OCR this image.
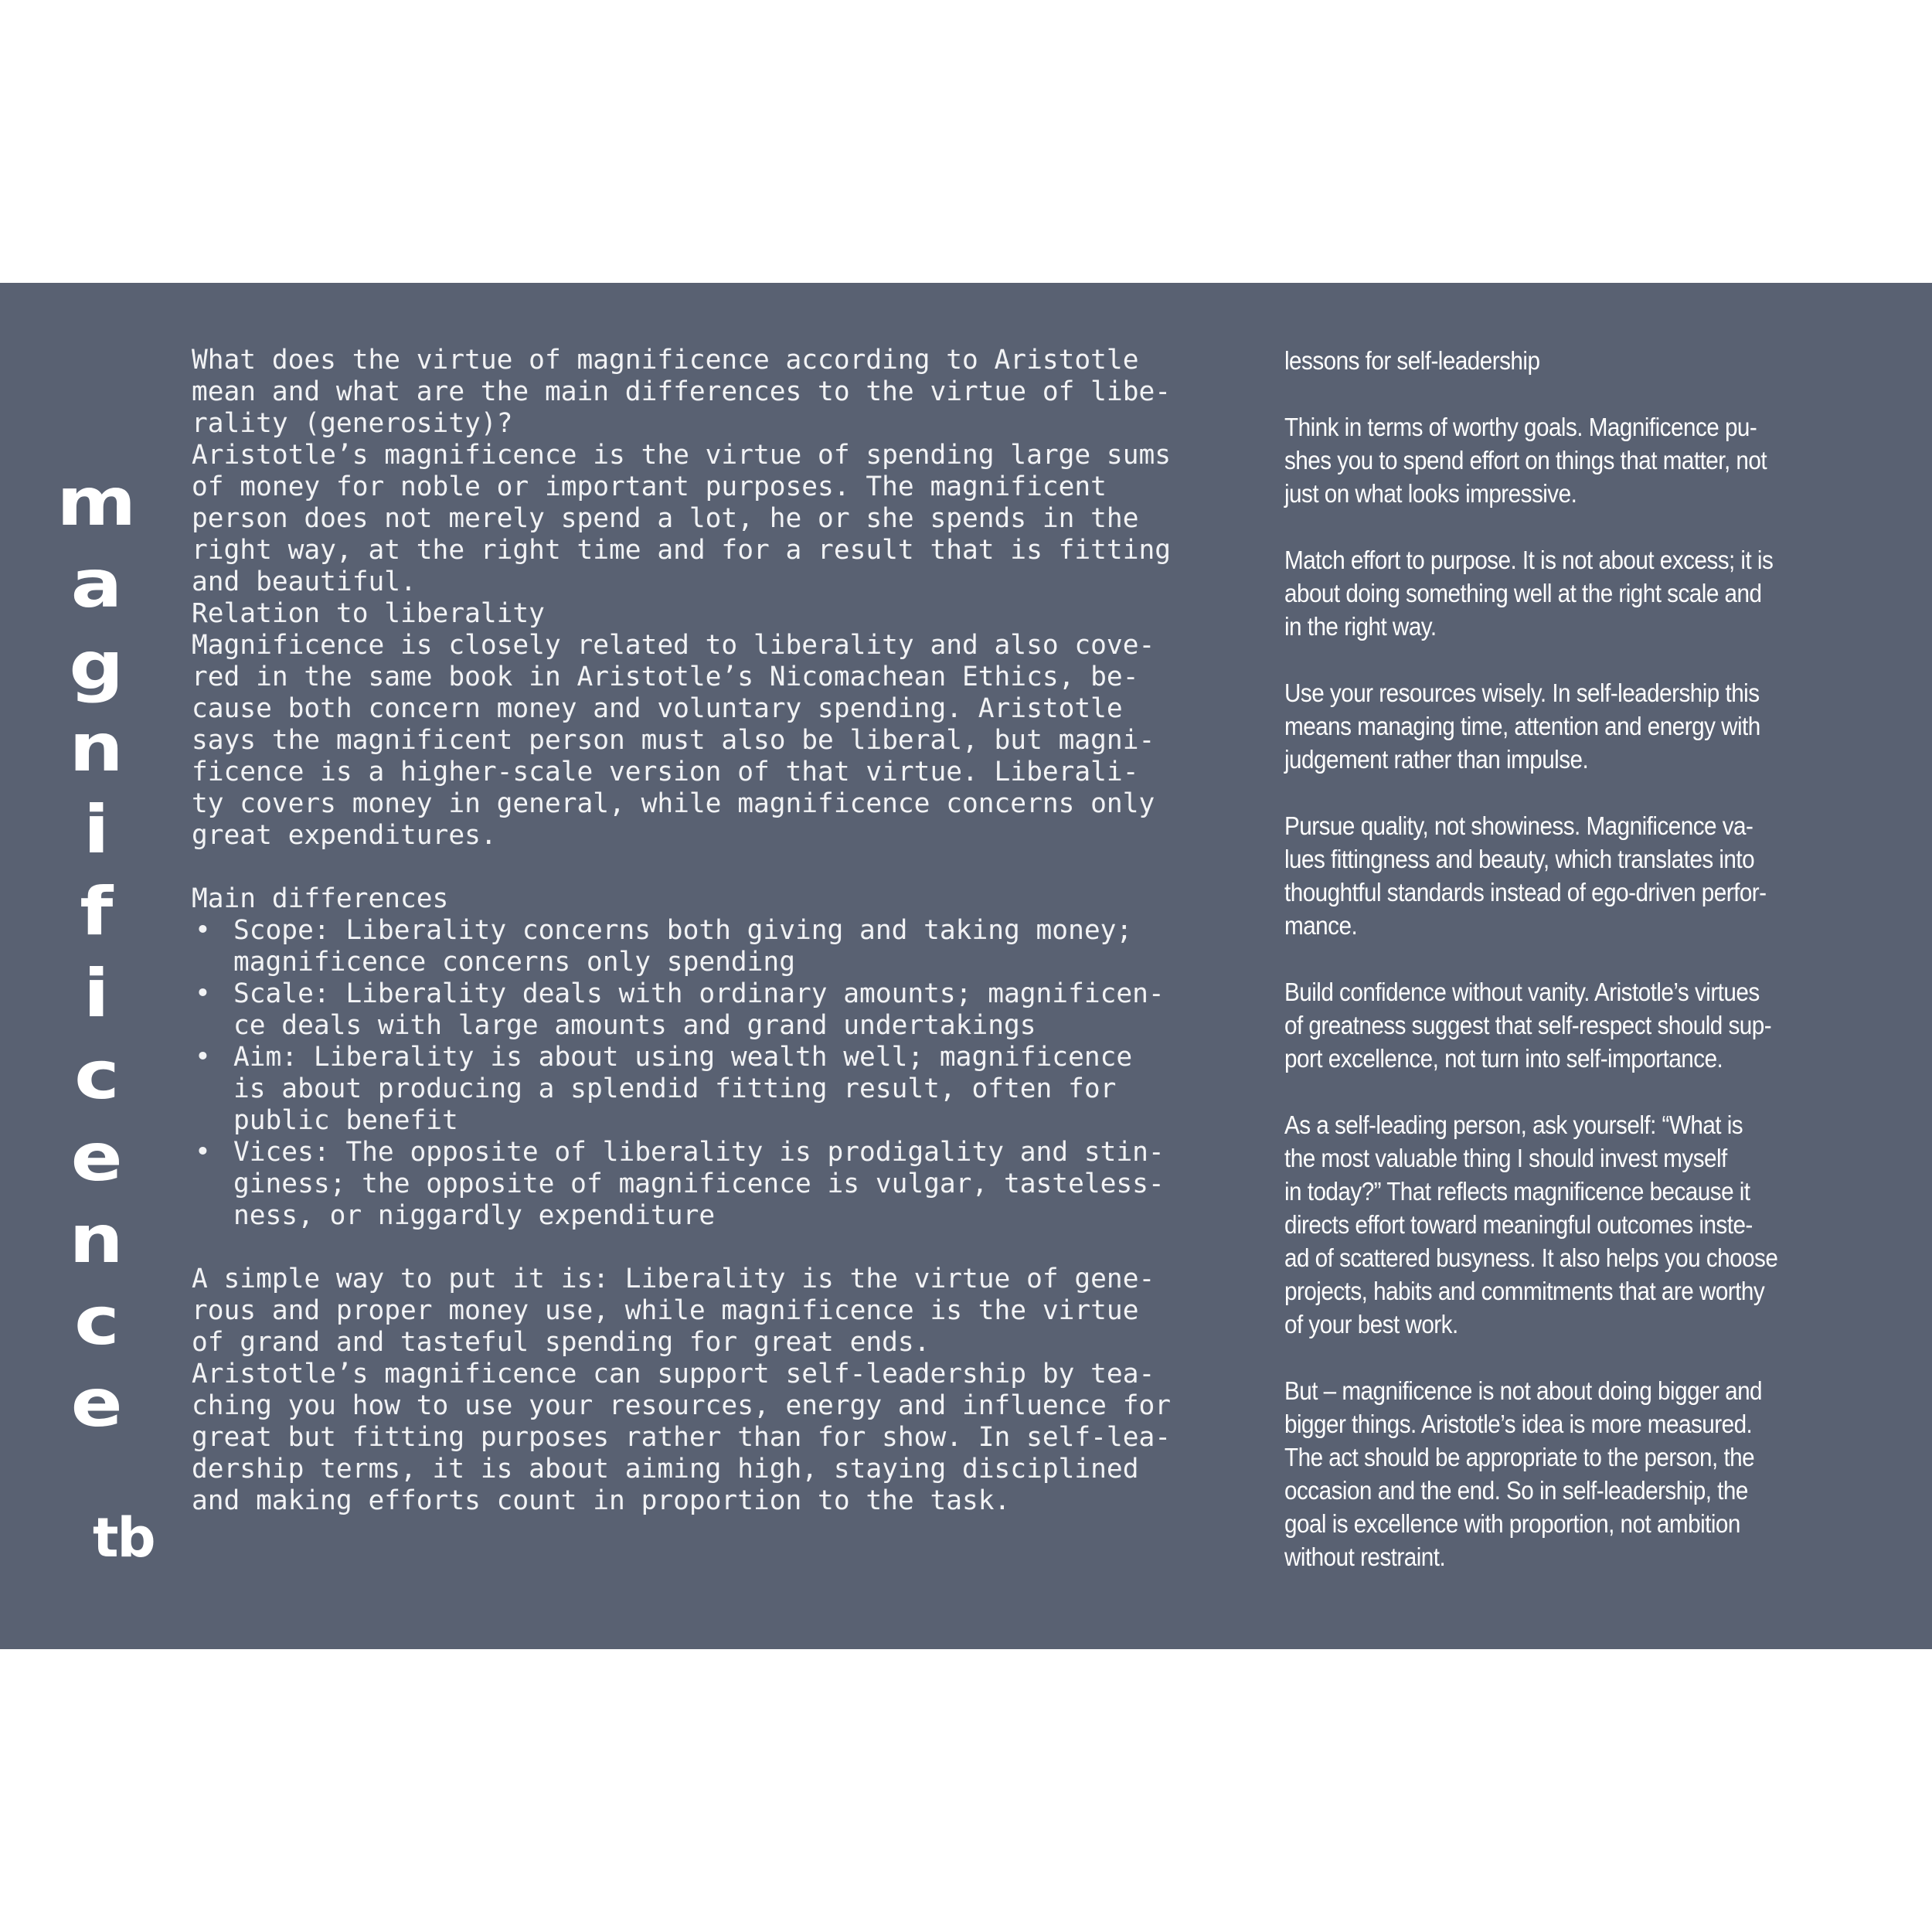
m
a
g
n
i
f
i
c
e
n
c
e
tb
What does the virtue of magnificence according to Aristotle
mean and what are the main differences to the virtue of libe-
rality (generosity)?
Aristotle’s magnificence is the virtue of spending large sums
of money for noble or important purposes. The magnificent
person does not merely spend a lot, he or she spends in the
right way, at the right time and for a result that is fitting
and beautiful.
Relation to liberality
Magnificence is closely related to liberality and also cove-
red in the same book in Aristotle’s Nicomachean Ethics, be-
cause both concern money and voluntary spending. Aristotle
says the magnificent person must also be liberal, but magni-
ficence is a higher-scale version of that virtue. Liberali-
ty covers money in general, while magnificence concerns only
great expenditures.
Main differences
• Scope: Liberality concerns both giving and taking money;
magnificence concerns only spending
• Scale: Liberality deals with ordinary amounts; magnificen-
ce deals with large amounts and grand undertakings
• Aim: Liberality is about using wealth well; magnificence
is about producing a splendid fitting result, often for
public benefit
• Vices: The opposite of liberality is prodigality and stin-
giness; the opposite of magnificence is vulgar, tasteless-
ness, or niggardly expenditure
A simple way to put it is: Liberality is the virtue of gene-
rous and proper money use, while magnificence is the virtue
of grand and tasteful spending for great ends.
Aristotle’s magnificence can support self-leadership by tea-
ching you how to use your resources, energy and influence for
great but fitting purposes rather than for show. In self-lea-
dership terms, it is about aiming high, staying disciplined
and making efforts count in proportion to the task.
lessons for self-leadership
Think in terms of worthy goals. Magnificence pu-
shes you to spend effort on things that matter, not
just on what looks impressive.
Match effort to purpose. It is not about excess; it is
about doing something well at the right scale and
in the right way.
Use your resources wisely. In self-leadership this
means managing time, attention and energy with
judgement rather than impulse.
Pursue quality, not showiness. Magnificence va-
lues fittingness and beauty, which translates into
thoughtful standards instead of ego-driven perfor-
mance.
Build confidence without vanity. Aristotle’s virtues
of greatness suggest that self-respect should sup-
port excellence, not turn into self-importance.
As a self-leading person, ask yourself: “What is
the most valuable thing I should invest myself
in today?” That reflects magnificence because it
directs effort toward meaningful outcomes inste-
ad of scattered busyness. It also helps you choose
projects, habits and commitments that are worthy
of your best work.
But – magnificence is not about doing bigger and
bigger things. Aristotle’s idea is more measured.
The act should be appropriate to the person, the
occasion and the end. So in self-leadership, the
goal is excellence with proportion, not ambition
without restraint.
